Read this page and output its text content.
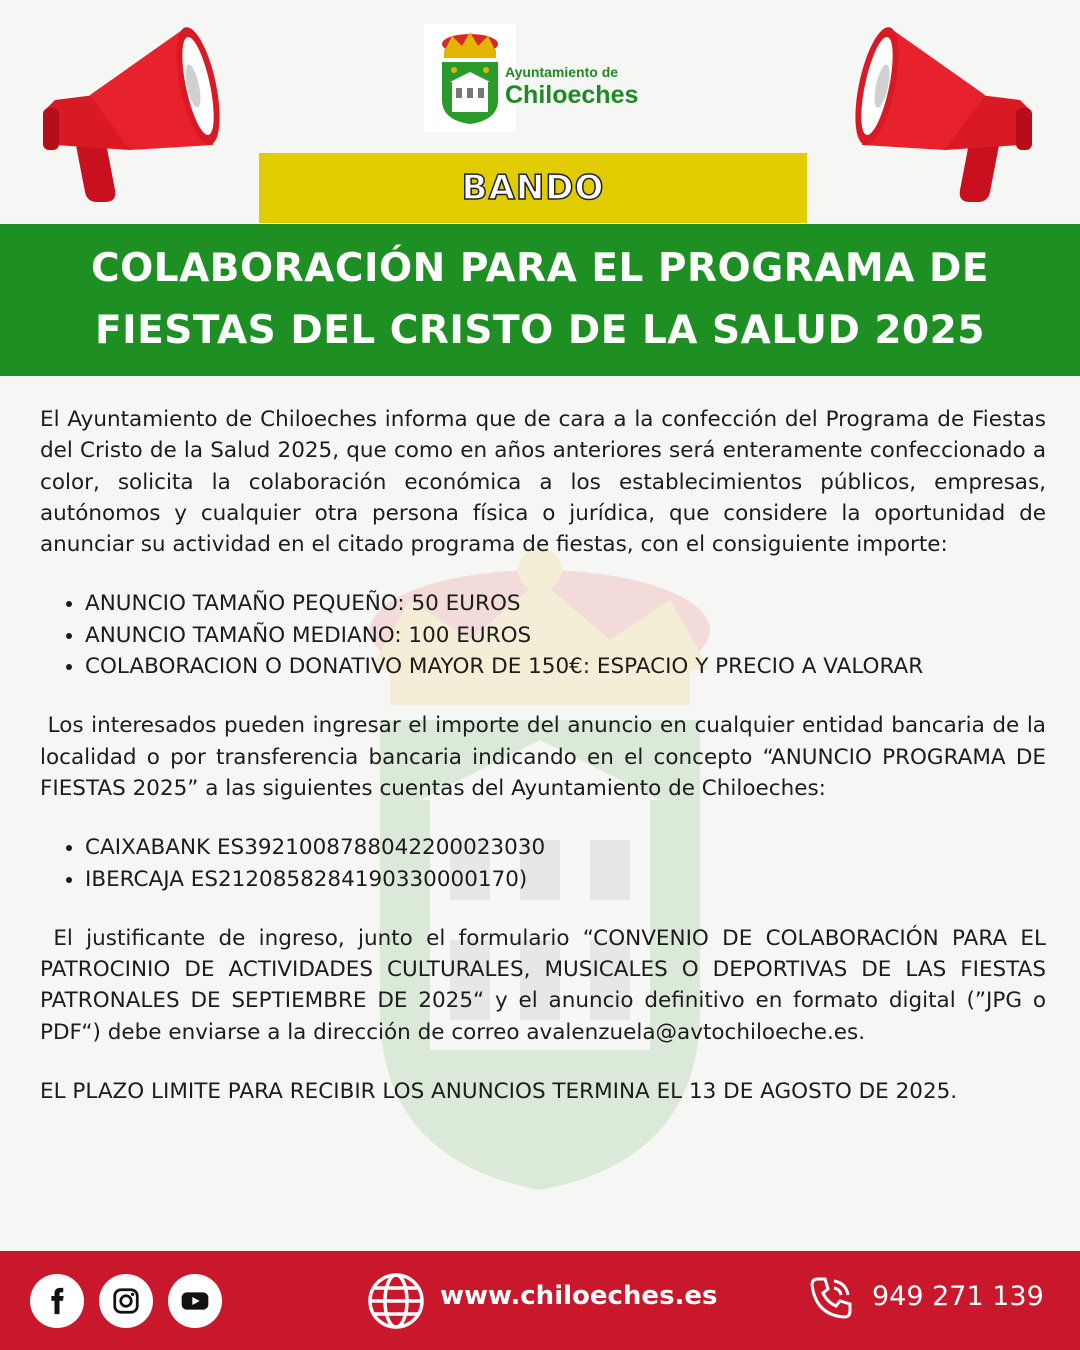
Ayuntamiento de
Chiloeches
BANDO
COLABORACIÓN PARA EL PROGRAMA DE
FIESTAS DEL CRISTO DE LA SALUD 2025

El Ayuntamiento de Chiloeches informa que de cara a la confección del Programa de Fiestas del Cristo de la Salud 2025, que como en años anteriores será enteramente confeccionado a color, solicita la colaboración económica a los establecimientos públicos, empresas, autónomos y cualquier otra persona física o jurídica, que considere la oportunidad de anunciar su actividad en el citado programa de fiestas, con el consiguiente importe:

• ANUNCIO TAMAÑO PEQUEÑO: 50 EUROS
• ANUNCIO TAMAÑO MEDIANO: 100 EUROS
• COLABORACION O DONATIVO MAYOR DE 150€: ESPACIO Y PRECIO A VALORAR

Los interesados pueden ingresar el importe del anuncio en cualquier entidad bancaria de la localidad o por transferencia bancaria indicando en el concepto “ANUNCIO PROGRAMA DE FIESTAS 2025” a las siguientes cuentas del Ayuntamiento de Chiloeches:

• CAIXABANK ES3921008788042200023030
• IBERCAJA ES2120858284190330000170)

El justificante de ingreso, junto el formulario “CONVENIO DE COLABORACIÓN PARA EL PATROCINIO DE ACTIVIDADES CULTURALES, MUSICALES O DEPORTIVAS DE LAS FIESTAS PATRONALES DE SEPTIEMBRE DE 2025“ y el anuncio definitivo en formato digital (”JPG o PDF“) debe enviarse a la dirección de correo avalenzuela@avtochiloeche.es.

EL PLAZO LIMITE PARA RECIBIR LOS ANUNCIOS TERMINA EL 13 DE AGOSTO DE 2025.

www.chiloeches.es	949 271 139
